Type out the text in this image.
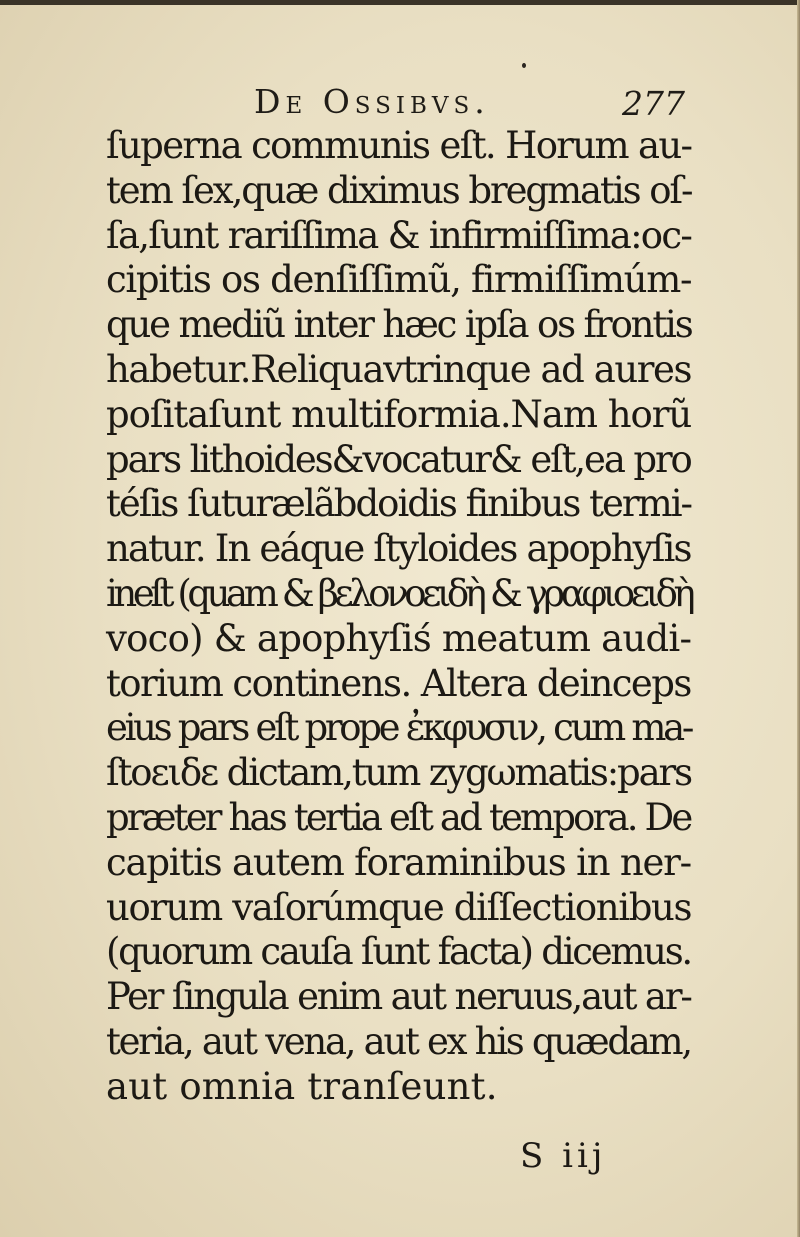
De Ossibvs.	277
ſuperna communis eſt. Horum au-
tem ſex,quæ diximus bregmatis oſ-
ſa,ſunt rariſſima & infirmiſſima:oc-
cipitis os denſiſſimũ, firmiſſimúm-
que mediũ inter hæc ipſa os frontis
habetur.Reliquavtrinque ad aures
poſitaſunt multiformia.Nam horũ
pars lithoides&vocatur& eſt,ea pro
téſis ſuturælãbdoidis finibus termi-
natur. In eáque ſtyloides apophyſis
ineſt (quam & βελονοειδὴ & γραφιοειδὴ
voco) & apophyſiś meatum audi-
torium continens. Altera deinceps
eius pars eſt prope ἐκφυσιν, cum ma-
ſtoειδε dictam,tum zygωmatis:pars
præter has tertia eſt ad tempora. De
capitis autem foraminibus in ner-
uorum vaſorúmque diſſectionibus
(quorum cauſa ſunt facta) dicemus.
Per ſingula enim aut neruus,aut ar-
teria, aut vena, aut ex his quædam,
aut omnia tranſeunt.
S iij
